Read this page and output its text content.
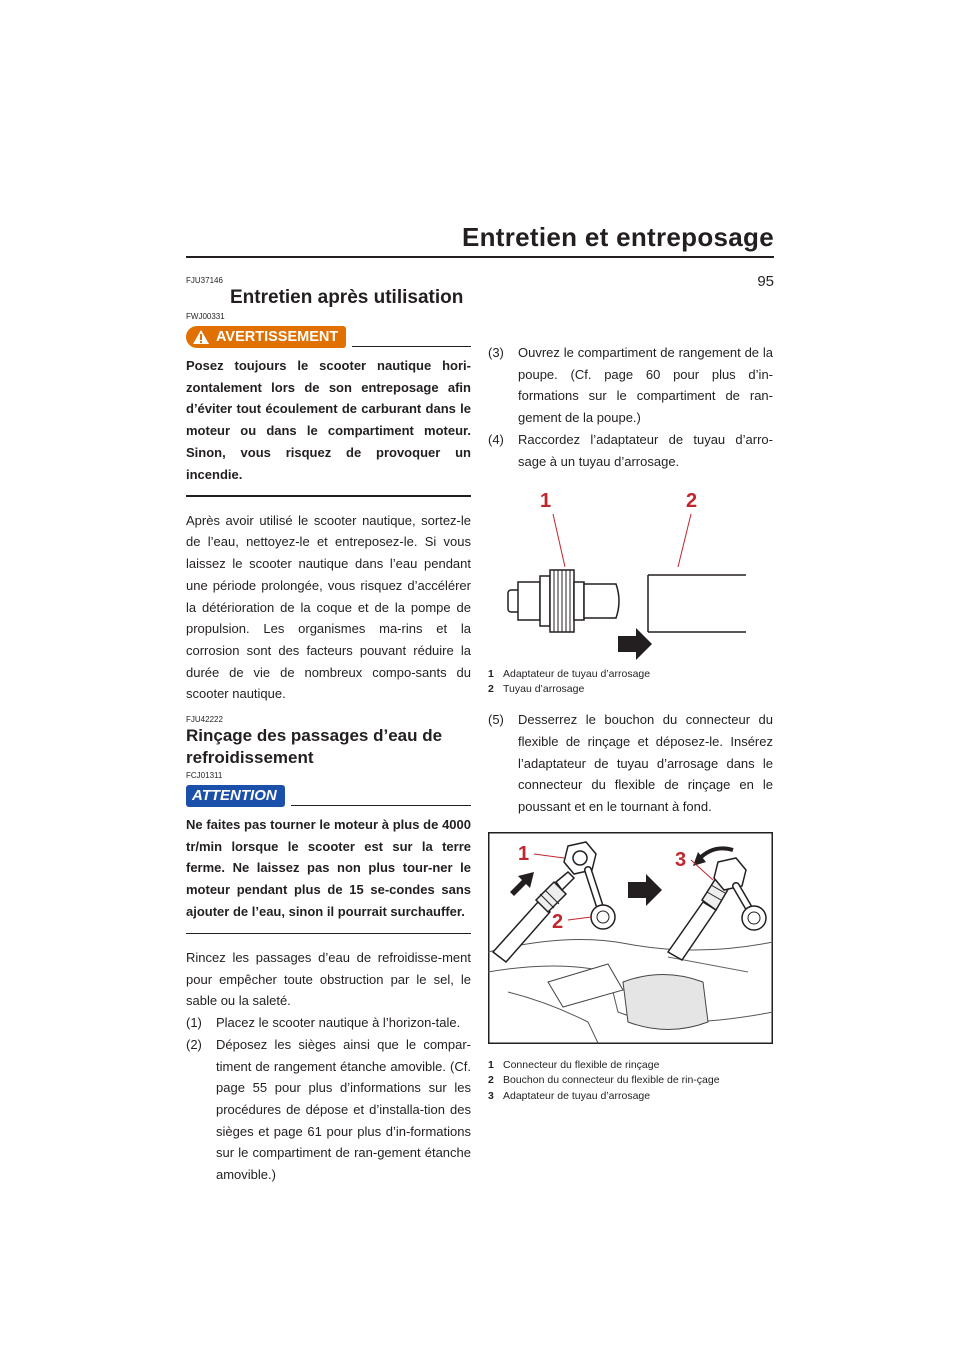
Entretien et entreposage
95
FJU37146
Entretien après utilisation
FWJ00331
AVERTISSEMENT
Posez toujours le scooter nautique hori-zontalement lors de son entreposage afin d’éviter tout écoulement de carburant dans le moteur ou dans le compartiment moteur. Sinon, vous risquez de provoquer un incendie.

Après avoir utilisé le scooter nautique, sortez-le de l’eau, nettoyez-le et entreposez-le. Si vous laissez le scooter nautique dans l’eau pendant une période prolongée, vous risquez d’accélérer la détérioration de la coque et de la pompe de propulsion. Les organismes ma-rins et la corrosion sont des facteurs pouvant réduire la durée de vie de nombreux compo-sants du scooter nautique.

FJU42222
Rinçage des passages d’eau de
refroidissement
FCJ01311
ATTENTION
Ne faites pas tourner le moteur à plus de 4000 tr/min lorsque le scooter est sur la terre ferme. Ne laissez pas non plus tour-ner le moteur pendant plus de 15 se-condes sans ajouter de l’eau, sinon il pourrait surchauffer.

Rincez les passages d’eau de refroidisse-ment pour empêcher toute obstruction par le sel, le sable ou la saleté.

(1) Placez le scooter nautique à l’horizon-tale.
(2) Déposez les sièges ainsi que le compar-timent de rangement étanche amovible. (Cf. page 55 pour plus d’informations sur les procédures de dépose et d’installa-tion des sièges et page 61 pour plus d’in-formations sur le compartiment de ran-gement étanche amovible.)
(3) Ouvrez le compartiment de rangement de la poupe. (Cf. page 60 pour plus d’in-formations sur le compartiment de ran-gement de la poupe.)
(4) Raccordez l’adaptateur de tuyau d’arro-sage à un tuyau d’arrosage.
1	2
1 Adaptateur de tuyau d’arrosage
2 Tuyau d’arrosage
(5) Desserrez le bouchon du connecteur du flexible de rinçage et déposez-le. Insérez l’adaptateur de tuyau d’arrosage dans le connecteur du flexible de rinçage en le poussant et en le tournant à fond.
1
2
3
1 Connecteur du flexible de rinçage
2 Bouchon du connecteur du flexible de rin-çage
3 Adaptateur de tuyau d’arrosage
